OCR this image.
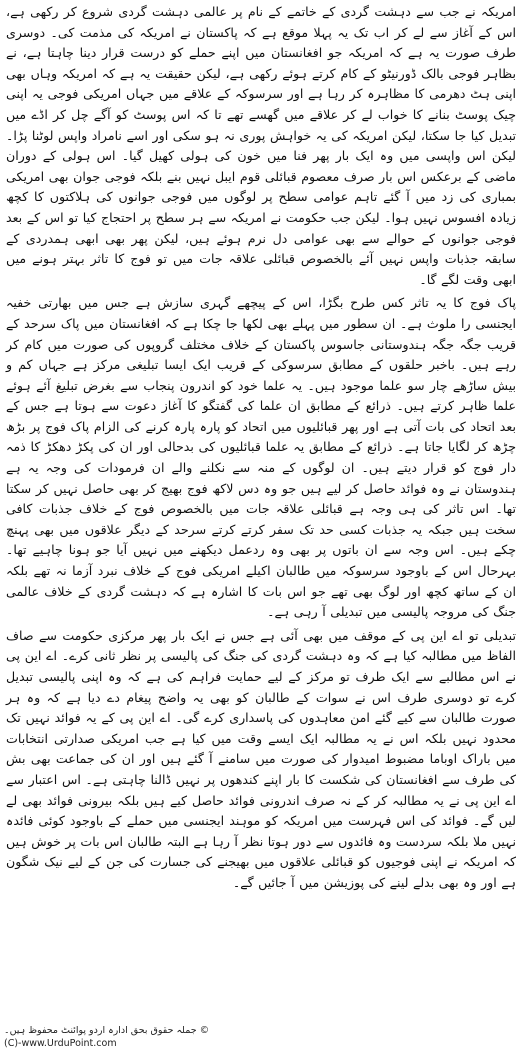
امریکہ نے جب سے دہشت گردی کے خاتمے کے نام پر عالمی دہشت گردی شروع کر رکھی ہے، اس کے آغاز سے لے کر اب تک یہ پہلا موقع ہے کہ پاکستان نے امریکہ کی مذمت کی۔ دوسری طرف صورت یہ ہے کہ امریکہ جو افغانستان میں اپنے حملے کو درست قرار دینا چاہتا ہے، نے بظاہر فوجی بالک ڈورنیٹو کے کام کرتے ہوئے رکھی ہے، لیکن حقیقت یہ ہے کہ امریکہ وہاں بھی اپنی ہٹ دھرمی کا مظاہرہ کر رہا ہے اور سرسوکہ کے علاقے میں جہاں امریکی فوجی یہ اپنی چیک پوسٹ بنانے کا خواب لے کر علاقے میں گھسے تھے تا کہ اس پوسٹ کو آگے چل کر اڈے میں تبدیل کیا جا سکتا، لیکن امریکہ کی یہ خواہش پوری نہ ہو سکی اور اسے نامراد واپس لوٹنا پڑا۔ لیکن اس واپسی میں وہ ایک بار پھر فنا میں خون کی ہولی کھیل گیا۔ اس ہولی کے دوران ماضی کے برعکس اس بار صرف معصوم قبائلی قوم ایبل نہیں بنے بلکہ فوجی جوان بھی امریکی بمباری کی زد میں آ گئے تاہم عوامی سطح پر لوگوں میں فوجی جوانوں کی ہلاکتوں کا کچھ زیادہ افسوس نہیں ہوا۔ لیکن جب حکومت نے امریکہ سے ہر سطح پر احتجاج کیا تو اس کے بعد فوجی جوانوں کے حوالے سے بھی عوامی دل نرم ہوئے ہیں، لیکن پھر بھی ابھی ہمدردی کے سابقہ جذبات واپس نہیں آئے بالخصوص قبائلی علاقہ جات میں تو فوج کا تاثر بہتر ہونے میں ابھی وقت لگے گا۔

پاک فوج کا یہ تاثر کس طرح بگڑا، اس کے پیچھے گہری سازش ہے جس میں بھارتی خفیہ ایجنسی را ملوث ہے۔ ان سطور میں پہلے بھی لکھا جا چکا ہے کہ افغانستان میں پاک سرحد کے قریب جگہ جگہ ہندوستانی جاسوس پاکستان کے خلاف مختلف گروپوں کی صورت میں کام کر رہے ہیں۔ باخبر حلقوں کے مطابق سرسوکی کے قریب ایک ایسا تبلیغی مرکز ہے جہاں کم و بیش ساڑھے چار سو علما موجود ہیں۔ یہ علما خود کو اندرون پنجاب سے بغرض تبلیغ آئے ہوئے علما ظاہر کرتے ہیں۔ ذرائع کے مطابق ان علما کی گفتگو کا آغاز دعوت سے ہوتا ہے جس کے بعد اتحاد کی بات آتی ہے اور پھر قبائلیوں میں اتحاد کو پارہ پارہ کرنے کی الزام پاک فوج پر بڑھ چڑھ کر لگایا جاتا ہے۔ ذرائع کے مطابق یہ علما قبائلیوں کی بدحالی اور ان کی پکڑ دھکڑ کا ذمہ دار فوج کو قرار دیتے ہیں۔ ان لوگوں کے منہ سے نکلنے والے ان فرمودات کی وجہ یہ ہے ہندوستان نے وہ فوائد حاصل کر لیے ہیں جو وہ دس لاکھ فوج بھیج کر بھی حاصل نہیں کر سکتا تھا۔ اس تاثر کی ہی وجہ ہے قبائلی علاقہ جات میں بالخصوص فوج کے خلاف جذبات کافی سخت ہیں جبکہ یہ جذبات کسی حد تک سفر کرتے کرتے سرحد کے دیگر علاقوں میں بھی پہنچ چکے ہیں۔ اس وجہ سے ان باتوں پر بھی وہ ردعمل دیکھنے میں نہیں آیا جو ہونا چاہیے تھا۔ بہرحال اس کے باوجود سرسوکہ میں طالبان اکیلے امریکی فوج کے خلاف نبرد آزما نہ تھے بلکہ ان کے ساتھ کچھ اور لوگ بھی تھے جو اس بات کا اشارہ ہے کہ دہشت گردی کے خلاف عالمی جنگ کی مروجہ پالیسی میں تبدیلی آ رہی ہے۔

تبدیلی تو اے این پی کے موقف میں بھی آئی ہے جس نے ایک بار پھر مرکزی حکومت سے صاف الفاظ میں مطالبہ کیا ہے کہ وہ دہشت گردی کی جنگ کی پالیسی پر نظر ثانی کرے۔ اے این پی نے اس مطالبے سے ایک طرف تو مرکز کے لیے حمایت فراہم کی ہے کہ وہ اپنی پالیسی تبدیل کرے تو دوسری طرف اس نے سوات کے طالبان کو بھی یہ واضح پیغام دے دیا ہے کہ وہ ہر صورت طالبان سے کیے گئے امن معاہدوں کی پاسداری کرے گی۔ اے این پی کے یہ فوائد نہیں تک محدود نہیں بلکہ اس نے یہ مطالبہ ایک ایسے وقت میں کیا ہے جب امریکی صدارتی انتخابات میں باراک اوباما مضبوط امیدوار کی صورت میں سامنے آ گئے ہیں اور ان کی جماعت بھی بش کی طرف سے افغانستان کی شکست کا بار اپنے کندھوں پر نہیں ڈالنا چاہتی ہے۔ اس اعتبار سے اے این پی نے یہ مطالبہ کر کے نہ صرف اندرونی فوائد حاصل کیے ہیں بلکہ بیرونی فوائد بھی لے لیں گے۔ فوائد کی اس فہرست میں امریکہ کو موہند ایجنسی میں حملے کے باوجود کوئی فائدہ نہیں ملا بلکہ سردست وہ فائدوں سے دور ہوتا نظر آ رہا ہے البتہ طالبان اس بات پر خوش ہیں کہ امریکہ نے اپنی فوجیوں کو قبائلی علاقوں میں بھیجنے کی جسارت کی جن کے لیے نیک شگون ہے اور وہ بھی بدلے لینے کی پوزیشن میں آ جائیں گے۔

© جملہ حقوق بحق ادارہ اردو پوائنٹ محفوظ ہیں۔
(C)-www.UrduPoint.com
